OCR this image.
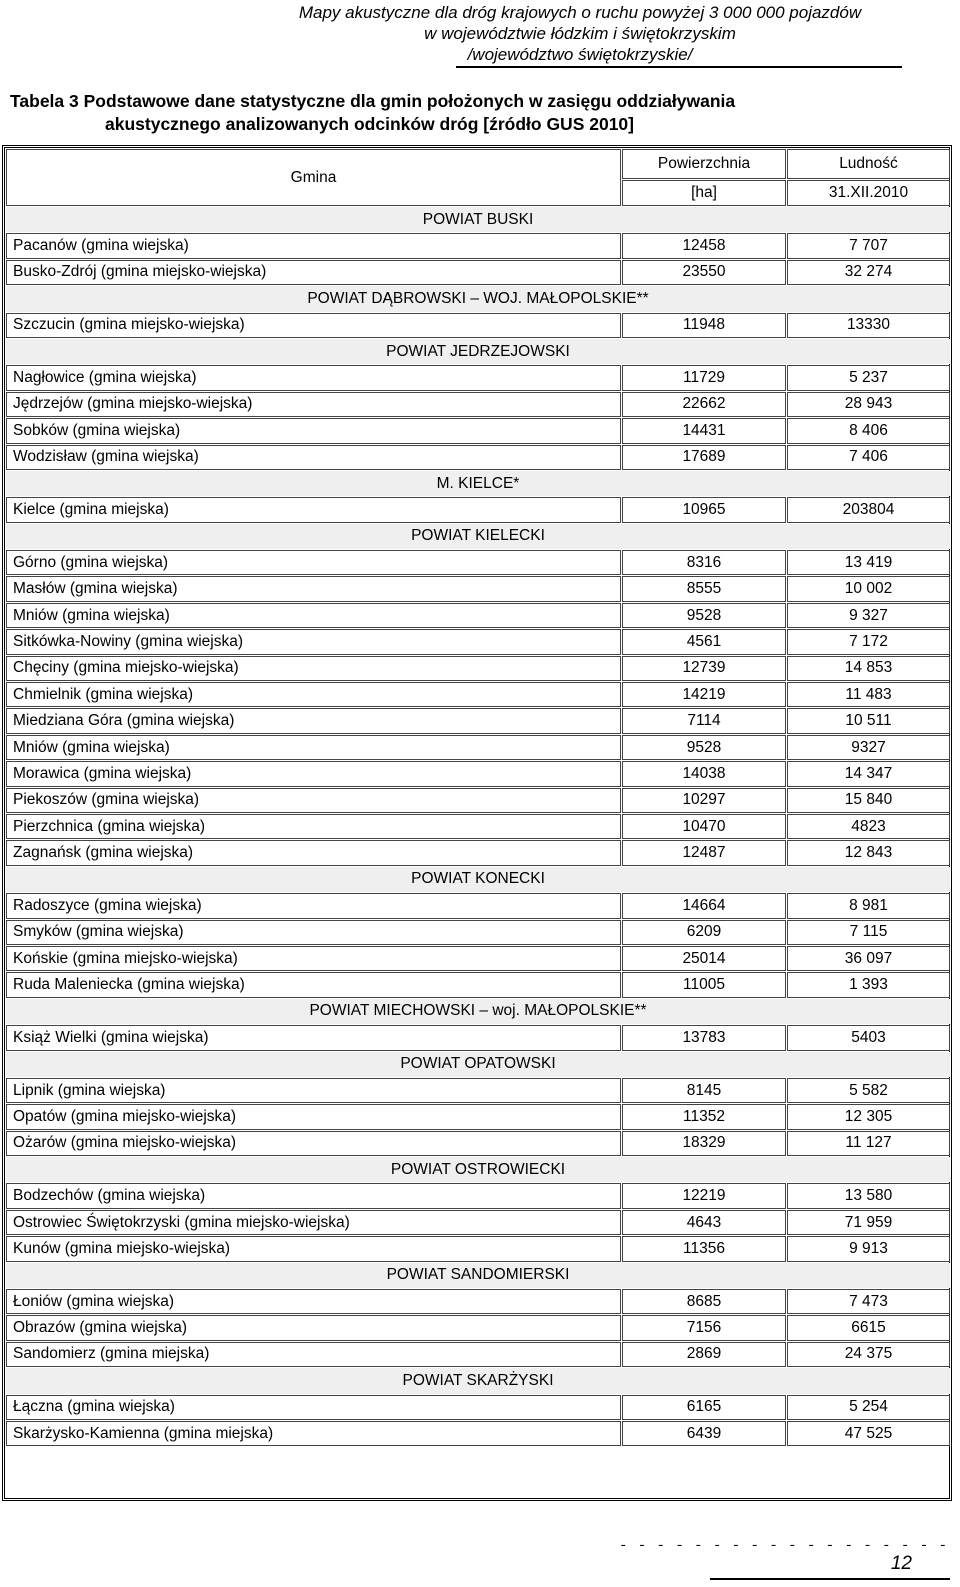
Mapy akustyczne dla dróg krajowych o ruchu powyżej 3 000 000 pojazdów
w województwie łódzkim i świętokrzyskim
/województwo świętokrzyskie/
Tabela 3 Podstawowe dane statystyczne dla gmin położonych w zasięgu oddziaływania
akustycznego analizowanych odcinków dróg [źródło GUS 2010]
Gmina	Powierzchnia	Ludność
	[ha]	31.XII.2010
POWIAT BUSKI		
Pacanów (gmina wiejska)	12458	7 707
Busko-Zdrój (gmina miejsko-wiejska)	23550	32 274
POWIAT DĄBROWSKI – WOJ. MAŁOPOLSKIE**		
Szczucin (gmina miejsko-wiejska)	11948	13330
POWIAT JEDRZEJOWSKI		
Nagłowice (gmina wiejska)	11729	5 237
Jędrzejów (gmina miejsko-wiejska)	22662	28 943
Sobków (gmina wiejska)	14431	8 406
Wodzisław (gmina wiejska)	17689	7 406
M. KIELCE*		
Kielce (gmina miejska)	10965	203804
POWIAT KIELECKI		
Górno (gmina wiejska)	8316	13 419
Masłów (gmina wiejska)	8555	10 002
Mniów (gmina wiejska)	9528	9 327
Sitkówka-Nowiny (gmina wiejska)	4561	7 172
Chęciny (gmina miejsko-wiejska)	12739	14 853
Chmielnik (gmina wiejska)	14219	11 483
Miedziana Góra (gmina wiejska)	7114	10 511
Mniów (gmina wiejska)	9528	9327
Morawica (gmina wiejska)	14038	14 347
Piekoszów (gmina wiejska)	10297	15 840
Pierzchnica (gmina wiejska)	10470	4823
Zagnańsk (gmina wiejska)	12487	12 843
POWIAT KONECKI		
Radoszyce (gmina wiejska)	14664	8 981
Smyków (gmina wiejska)	6209	7 115
Końskie (gmina miejsko-wiejska)	25014	36 097
Ruda Maleniecka (gmina wiejska)	11005	1 393
POWIAT MIECHOWSKI – woj. MAŁOPOLSKIE**		
Książ Wielki (gmina wiejska)	13783	5403
POWIAT OPATOWSKI		
Lipnik (gmina wiejska)	8145	5 582
Opatów (gmina miejsko-wiejska)	11352	12 305
Ożarów (gmina miejsko-wiejska)	18329	11 127
POWIAT OSTROWIECKI		
Bodzechów (gmina wiejska)	12219	13 580
Ostrowiec Świętokrzyski (gmina miejsko-wiejska)	4643	71 959
Kunów (gmina miejsko-wiejska)	11356	9 913
POWIAT SANDOMIERSKI		
Łoniów (gmina wiejska)	8685	7 473
Obrazów (gmina wiejska)	7156	6615
Sandomierz (gmina miejska)	2869	24 375
POWIAT SKARŻYSKI		
Łączna (gmina wiejska)	6165	5 254
Skarżysko-Kamienna (gmina miejska)	6439	47 525
- - - - - - - - - - - - - - - - - -
12
